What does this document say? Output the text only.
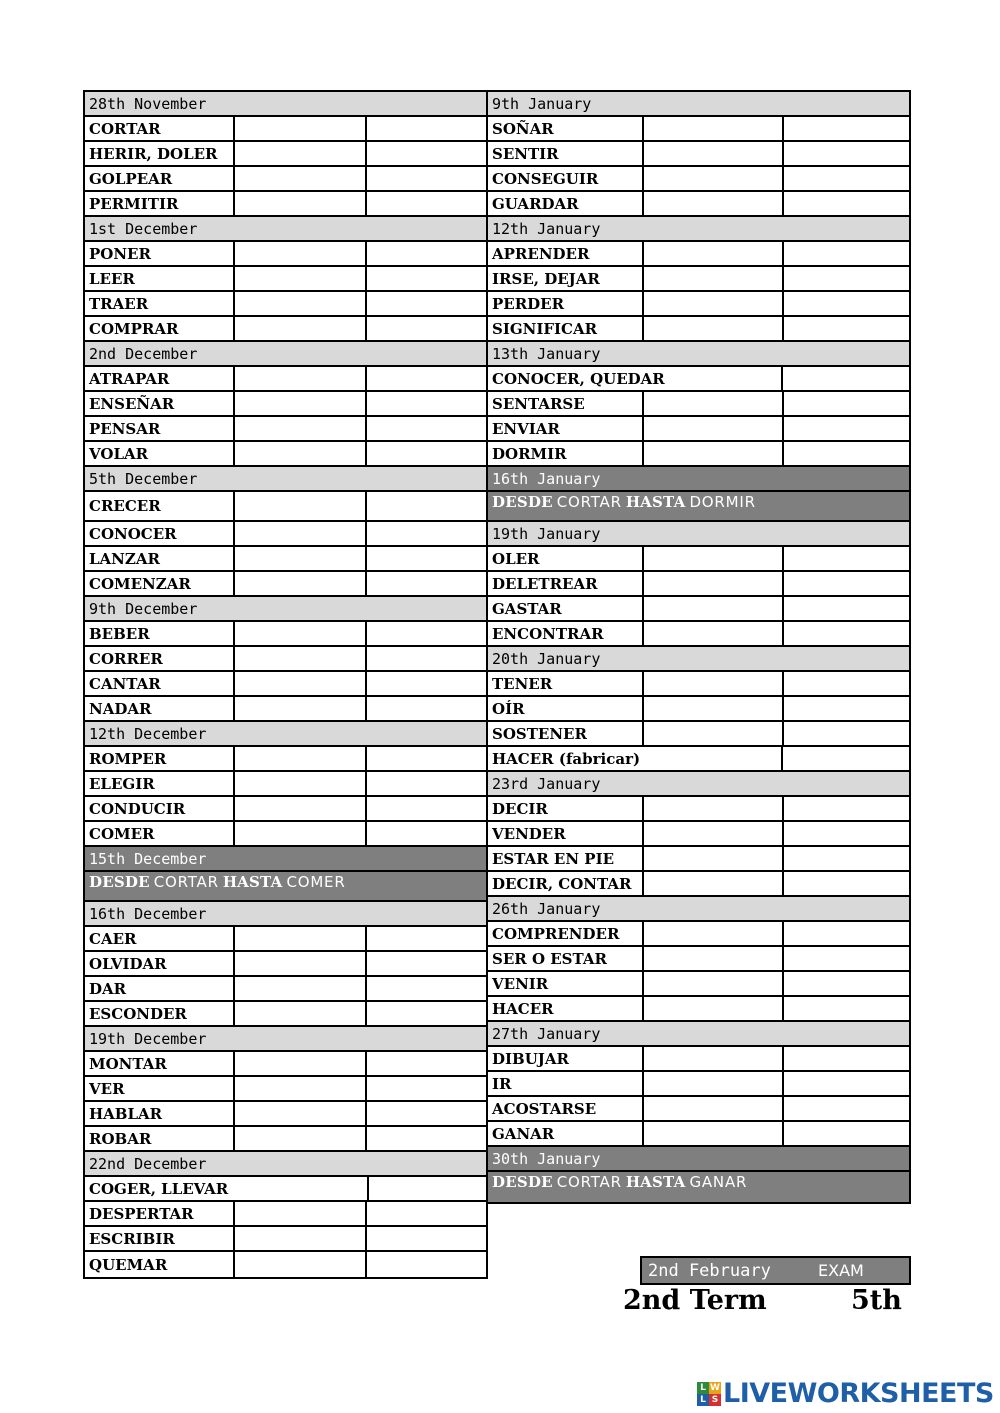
28th November
CORTAR
HERIR, DOLER
GOLPEAR
PERMITIR
1st December
PONER
LEER
TRAER
COMPRAR
2nd December
ATRAPAR
ENSEÑAR
PENSAR
VOLAR
5th December
CRECER
CONOCER
LANZAR
COMENZAR
9th December
BEBER
CORRER
CANTAR
NADAR
12th December
ROMPER
ELEGIR
CONDUCIR
COMER
15th December
DESDE CORTAR HASTA COMER
16th December
CAER
OLVIDAR
DAR
ESCONDER
19th December
MONTAR
VER
HABLAR
ROBAR
22nd December
COGER, LLEVAR
DESPERTAR
ESCRIBIR
QUEMAR
9th January
SOÑAR
SENTIR
CONSEGUIR
GUARDAR
12th January
APRENDER
IRSE, DEJAR
PERDER
SIGNIFICAR
13th January
CONOCER, QUEDAR
SENTARSE
ENVIAR
DORMIR
16th January
DESDE CORTAR HASTA DORMIR
19th January
OLER
DELETREAR
GASTAR
ENCONTRAR
20th January
TENER
OÍR
SOSTENER
HACER (fabricar)
23rd January
DECIR
VENDER
ESTAR EN PIE
DECIR, CONTAR
26th January
COMPRENDER
SER O ESTAR
VENIR
HACER
27th January
DIBUJAR
IR
ACOSTARSE
GANAR
30th January
DESDE CORTAR HASTA GANAR
2nd February	EXAM
2nd Term	5th
L W
L S LIVEWORKSHEETS
